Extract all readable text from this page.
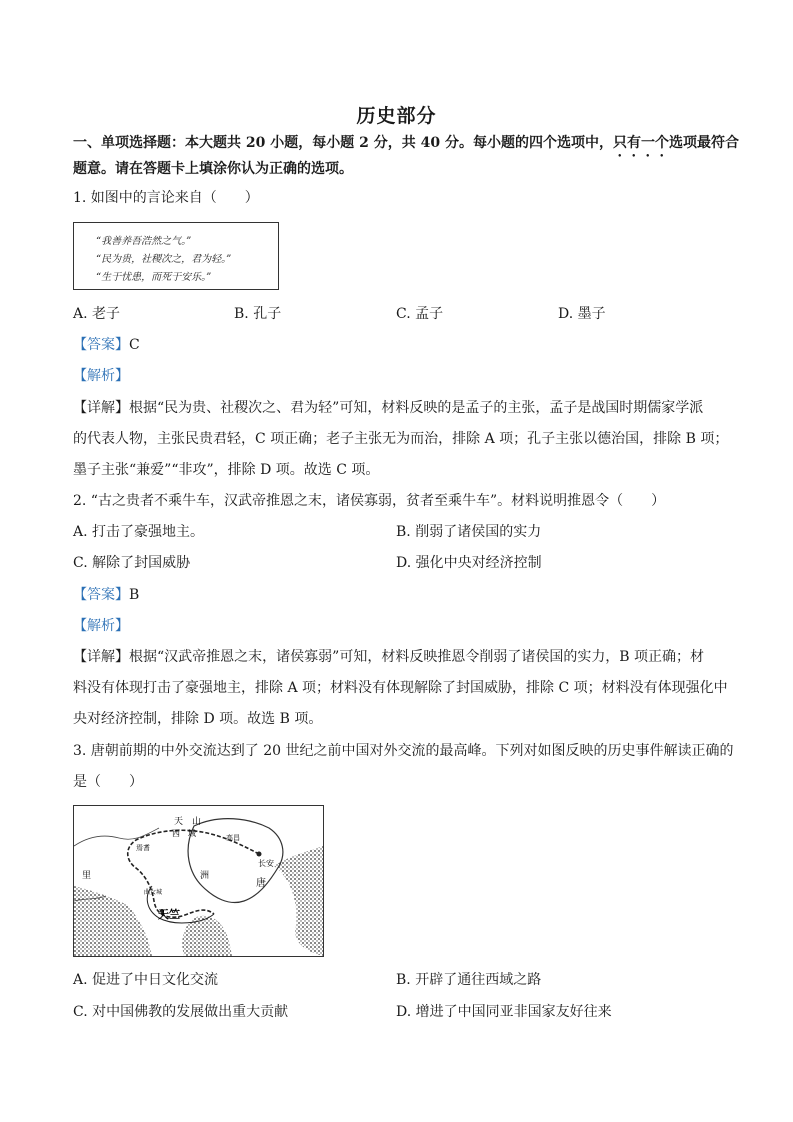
历史部分
一、单项选择题：本大题共 20 小题，每小题 2 分，共 40 分。每小题的四个选项中，只有一个选项最符合
题意。请在答题卡上填涂你认为正确的选项。
1. 如图中的言论来自（　　）
“我善养吾浩然之气。”
“民为贵，社稷次之，君为轻。”
“生于忧患，而死于安乐。”
A. 老子	B. 孔子	C. 孟子	D. 墨子
【答案】C
【解析】
【详解】根据“民为贵、社稷次之、君为轻”可知，材料反映的是孟子的主张，孟子是战国时期儒家学派
的代表人物，主张民贵君轻，C 项正确；老子主张无为而治，排除 A 项；孔子主张以德治国，排除 B 项；
墨子主张“兼爱”“非攻”，排除 D 项。故选 C 项。
2. “古之贵者不乘牛车，汉武帝推恩之末，诸侯寡弱，贫者至乘牛车”。材料说明推恩令（　　）
A. 打击了豪强地主。	B. 削弱了诸侯国的实力
C. 解除了封国威胁	D. 强化中央对经济控制
【答案】B
【解析】
【详解】根据“汉武帝推恩之末，诸侯寡弱”可知，材料反映推恩令削弱了诸侯国的实力，B 项正确；材
料没有体现打击了豪强地主，排除 A 项；材料没有体现解除了封国威胁，排除 C 项；材料没有体现强化中
央对经济控制，排除 D 项。故选 B 项。
3. 唐朝前期的中外交流达到了 20 世纪之前中国对外交流的最高峰。下列对如图反映的历史事件解读正确的
是（　　）
天　山
西　域
焉耆
高昌
长安
唐
里	洲
曲女城
天竺
A. 促进了中日文化交流	B. 开辟了通往西域之路
C. 对中国佛教的发展做出重大贡献	D. 增进了中国同亚非国家友好往来
